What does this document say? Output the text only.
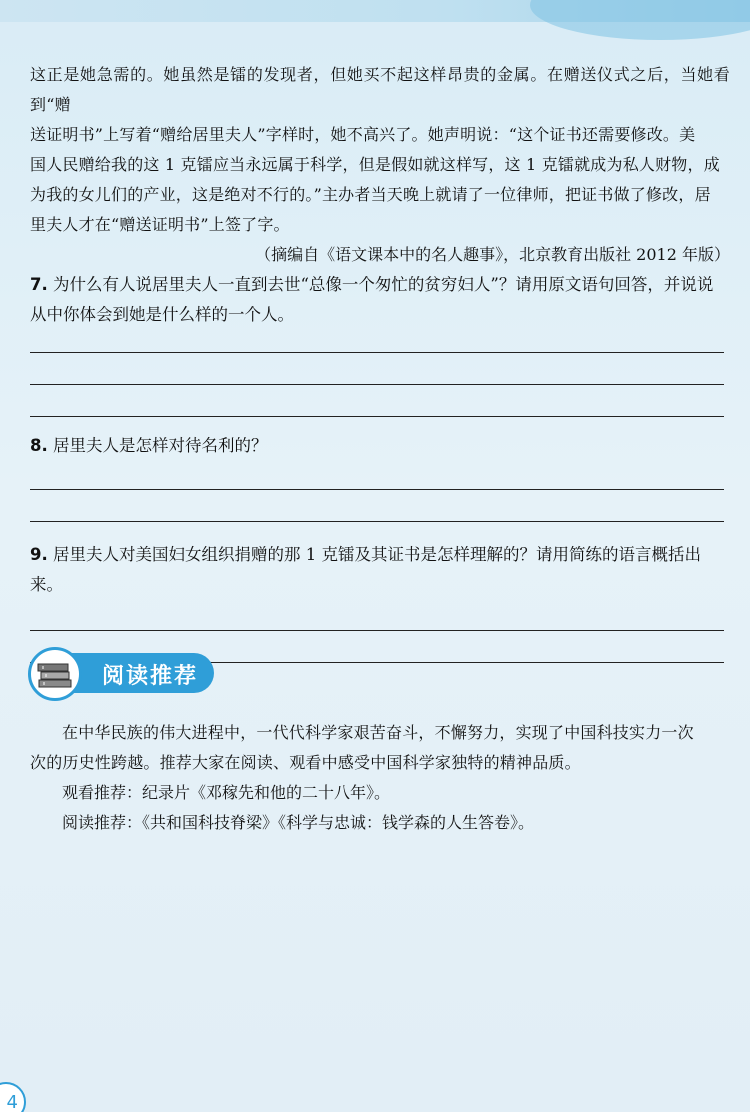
这正是她急需的。她虽然是镭的发现者，但她买不起这样昂贵的金属。在赠送仪式之后，当她看到“赠

送证明书”上写着“赠给居里夫人”字样时，她不高兴了。她声明说：“这个证书还需要修改。美

国人民赠给我的这 1 克镭应当永远属于科学，但是假如就这样写，这 1 克镭就成为私人财物，成

为我的女儿们的产业，这是绝对不行的。”主办者当天晚上就请了一位律师，把证书做了修改，居

里夫人才在“赠送证明书”上签了字。

（摘编自《语文课本中的名人趣事》，北京教育出版社 2012 年版）

7. 为什么有人说居里夫人一直到去世“总像一个匆忙的贫穷妇人”？请用原文语句回答，并说说

从中你体会到她是什么样的一个人。

8. 居里夫人是怎样对待名利的？

9. 居里夫人对美国妇女组织捐赠的那 1 克镭及其证书是怎样理解的？请用简练的语言概括出来。

阅读推荐

在中华民族的伟大进程中，一代代科学家艰苦奋斗，不懈努力，实现了中国科技实力一次

次的历史性跨越。推荐大家在阅读、观看中感受中国科学家独特的精神品质。

观看推荐：纪录片《邓稼先和他的二十八年》。

阅读推荐：《共和国科技脊梁》《科学与忠诚：钱学森的人生答卷》。

4
